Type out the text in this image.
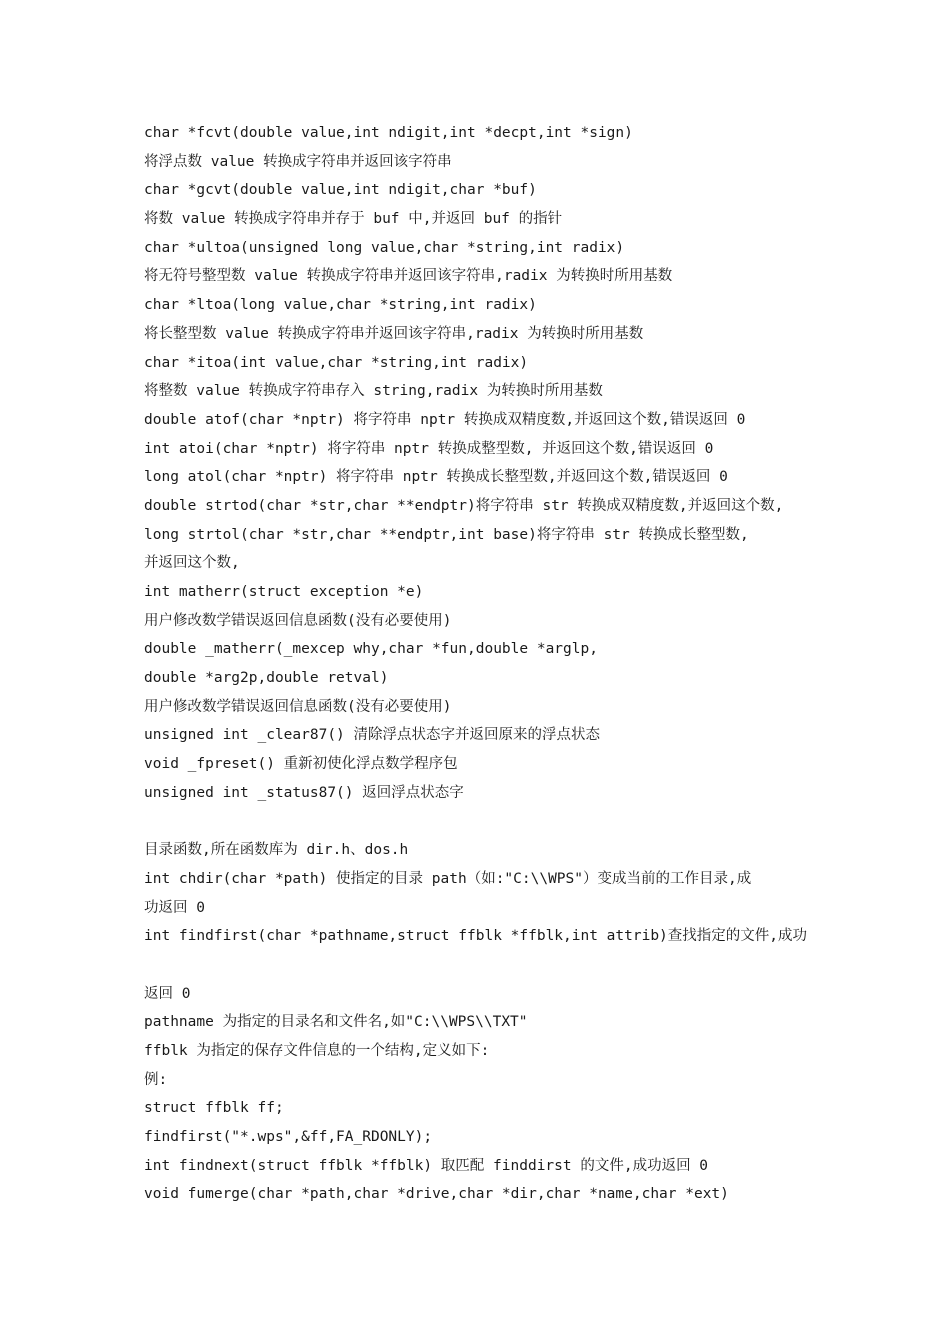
char *fcvt(double value,int ndigit,int *decpt,int *sign)
将浮点数 value 转换成字符串并返回该字符串
char *gcvt(double value,int ndigit,char *buf)
将数 value 转换成字符串并存于 buf 中,并返回 buf 的指针
char *ultoa(unsigned long value,char *string,int radix)
将无符号整型数 value 转换成字符串并返回该字符串,radix 为转换时所用基数
char *ltoa(long value,char *string,int radix)
将长整型数 value 转换成字符串并返回该字符串,radix 为转换时所用基数
char *itoa(int value,char *string,int radix)
将整数 value 转换成字符串存入 string,radix 为转换时所用基数
double atof(char *nptr) 将字符串 nptr 转换成双精度数,并返回这个数,错误返回 0
int atoi(char *nptr) 将字符串 nptr 转换成整型数, 并返回这个数,错误返回 0
long atol(char *nptr) 将字符串 nptr 转换成长整型数,并返回这个数,错误返回 0
double strtod(char *str,char **endptr)将字符串 str 转换成双精度数,并返回这个数,
long strtol(char *str,char **endptr,int base)将字符串 str 转换成长整型数,
并返回这个数,
int matherr(struct exception *e)
用户修改数学错误返回信息函数(没有必要使用)
double _matherr(_mexcep why,char *fun,double *arglp,
double *arg2p,double retval)
用户修改数学错误返回信息函数(没有必要使用)
unsigned int _clear87() 清除浮点状态字并返回原来的浮点状态
void _fpreset() 重新初使化浮点数学程序包
unsigned int _status87() 返回浮点状态字
目录函数,所在函数库为 dir.h、dos.h
int chdir(char *path) 使指定的目录 path（如:"C:\\WPS"）变成当前的工作目录,成
功返回 0
int findfirst(char *pathname,struct ffblk *ffblk,int attrib)查找指定的文件,成功
返回 0
pathname 为指定的目录名和文件名,如"C:\\WPS\\TXT"
ffblk 为指定的保存文件信息的一个结构,定义如下:
例:
struct ffblk ff;
findfirst("*.wps",&ff,FA_RDONLY);
int findnext(struct ffblk *ffblk) 取匹配 finddirst 的文件,成功返回 0
void fumerge(char *path,char *drive,char *dir,char *name,char *ext)
